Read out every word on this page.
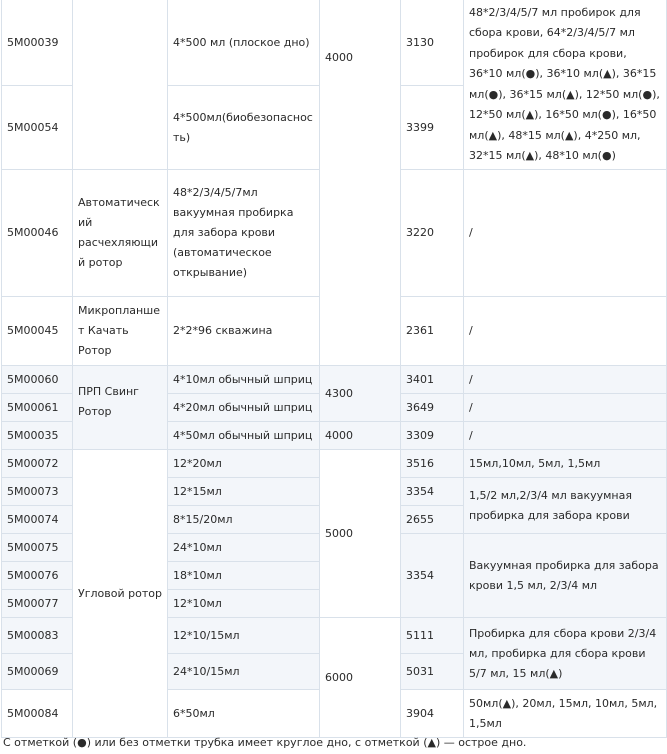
5M00039		4*500 мл (плоское дно)	4000	3130	48*2/3/4/5/7 мл пробирок для сбора крови, 64*2/3/4/5/7 мл пробирок для сбора крови, 36*10 мл(●), 36*10 мл(▲), 36*15 мл(●), 36*15 мл(▲), 12*50 мл(●), 12*50 мл(▲), 16*50 мл(●), 16*50 мл(▲), 48*15 мл(▲), 4*250 мл, 32*15 мл(▲), 48*10 мл(●)
5M00054		4*500мл(биобезопасность)		3399	
5M00046	Автоматический расчехляющий ротор	48*2/3/4/5/7мл вакуумная пробирка для забора крови (автоматическое открывание)		3220	/
5M00045	Микропланшет Качать Ротор	2*2*96 скважина		2361	/
5M00060	ПРП Свинг Ротор	4*10мл обычный шприц	4300	3401	/
5M00061		4*20мл обычный шприц		3649	/
5M00035		4*50мл обычный шприц	4000	3309	/
5M00072	Угловой ротор	12*20мл	5000	3516	15мл,10мл, 5мл, 1,5мл
5M00073		12*15мл		3354	1,5/2 мл,2/3/4 мл вакуумная пробирка для забора крови
5M00074		8*15/20мл		2655	
5M00075		24*10мл		3354	Вакуумная пробирка для забора крови 1,5 мл, 2/3/4 мл
5M00076		18*10мл			
5M00077		12*10мл			
5M00083		12*10/15мл	6000	5111	Пробирка для сбора крови 2/3/4 мл, пробирка для сбора крови 5/7 мл, 15 мл(▲)
5M00069		24*10/15мл		5031	
5M00084		6*50мл		3904	50мл(▲), 20мл, 15мл, 10мл, 5мл, 1,5мл
С отметкой (●) или без отметки трубка имеет круглое дно, с отметкой (▲) — острое дно.
